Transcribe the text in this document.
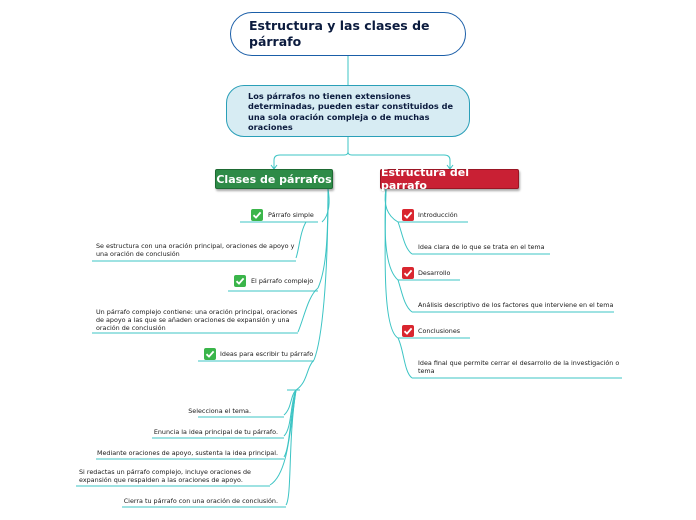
Estructura y las clases de párrafo
Los párrafos no tienen extensiones determinadas, pueden estar constituidos de una sola oración compleja o de muchas oraciones
Clases de párrafos	Estructura del parrafo
Párrafo simple
Se estructura con una oración principal, oraciones de apoyo y una oración de conclusión
El párrafo complejo
Un párrafo complejo contiene: una oración principal, oraciones de apoyo a las que se añaden oraciones de expansión y una oración de conclusión
Ideas para escribir tu párrafo
Selecciona el tema.
Enuncia la idea principal de tu párrafo.
Mediante oraciones de apoyo, sustenta la idea principal.
Si redactas un párrafo complejo, incluye oraciones de expansión que respalden a las oraciones de apoyo.
Cierra tu párrafo con una oración de conclusión.
Introducción
Idea clara de lo que se trata en el tema
Desarrollo
Análisis descriptivo de los factores que interviene en el tema
Conclusiones
Idea final que permite cerrar el desarrollo de la investigación o tema
